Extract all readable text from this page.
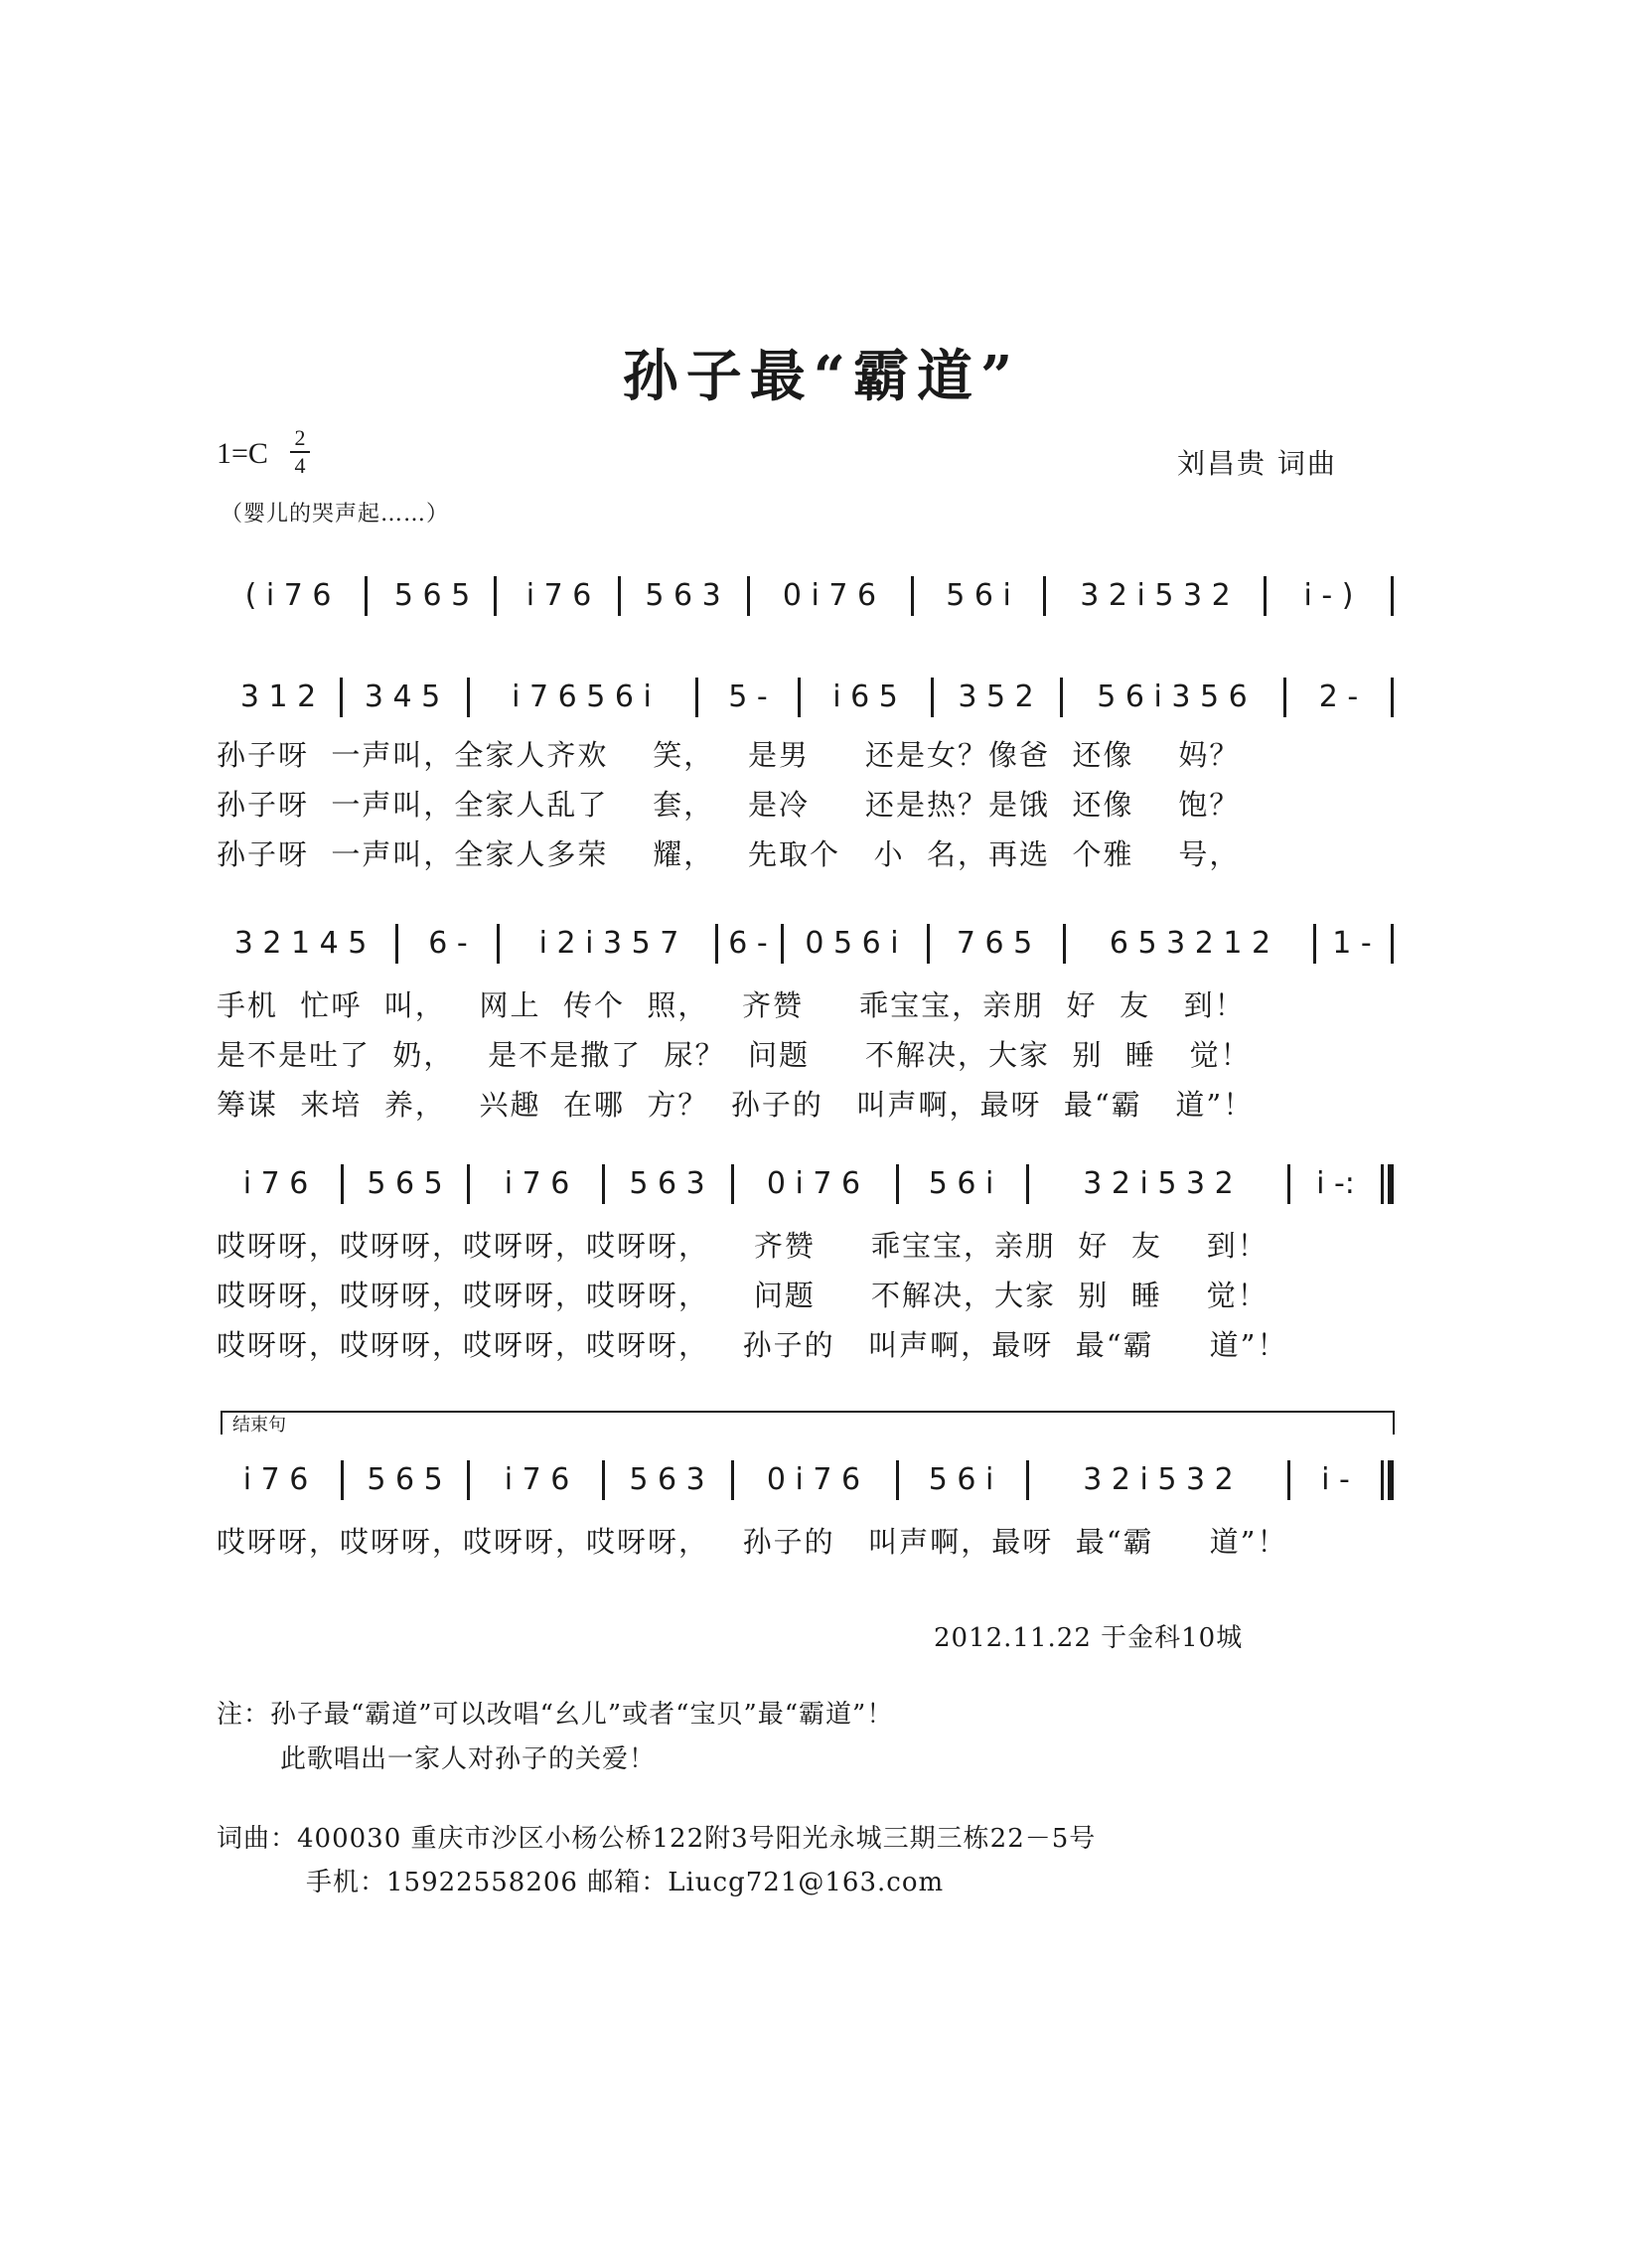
孙子最“霸道”
1=C 2
4	刘昌贵 词曲
（婴儿的哭声起……）
( i 7 6	5 6 5	i 7 6	5 6 3	0 i 7 6	5 6 i	3 2 i 5 3 2	i - )
3 1 2	3 4 5	i 7 6 5 6 i	5 -	i 6 5	3 5 2	5 6 i 3 5 6	2 -
孙子呀  一声叫，全家人齐欢    笑，   是男     还是女？像爸  还像    妈？
孙子呀  一声叫，全家人乱了    套，   是冷     还是热？是饿  还像    饱？
孙子呀  一声叫，全家人多荣    耀，   先取个   小  名，再选  个雅    号，
3 2 1 4 5	6 -	i 2 i 3 5 7	6 -	0 5 6 i	7 6 5	6 5 3 2 1 2	1 -
手机  忙呼  叫，   网上  传个  照，   齐赞     乖宝宝，亲朋  好  友   到！
是不是吐了  奶，   是不是撒了  尿？  问题     不解决，大家  别  睡   觉！
筹谋  来培  养，   兴趣  在哪  方？  孙子的   叫声啊，最呀  最“霸   道”！
i 7 6	5 6 5	i 7 6	5 6 3	0 i 7 6	5 6 i	3 2 i 5 3 2	i -:
哎呀呀，哎呀呀，哎呀呀，哎呀呀，    齐赞     乖宝宝，亲朋  好  友    到！
哎呀呀，哎呀呀，哎呀呀，哎呀呀，    问题     不解决，大家  别  睡    觉！
哎呀呀，哎呀呀，哎呀呀，哎呀呀，   孙子的   叫声啊，最呀  最“霸     道”！
结束句
i 7 6	5 6 5	i 7 6	5 6 3	0 i 7 6	5 6 i	3 2 i 5 3 2	i -
哎呀呀，哎呀呀，哎呀呀，哎呀呀，   孙子的   叫声啊，最呀  最“霸     道”！
2012.11.22 于金科10城
注：孙子最“霸道”可以改唱“幺儿”或者“宝贝”最“霸道”！
此歌唱出一家人对孙子的关爱！
词曲：400030 重庆市沙区小杨公桥122附3号阳光永城三期三栋22－5号
手机：15922558206 邮箱：Liucg721@163.com
